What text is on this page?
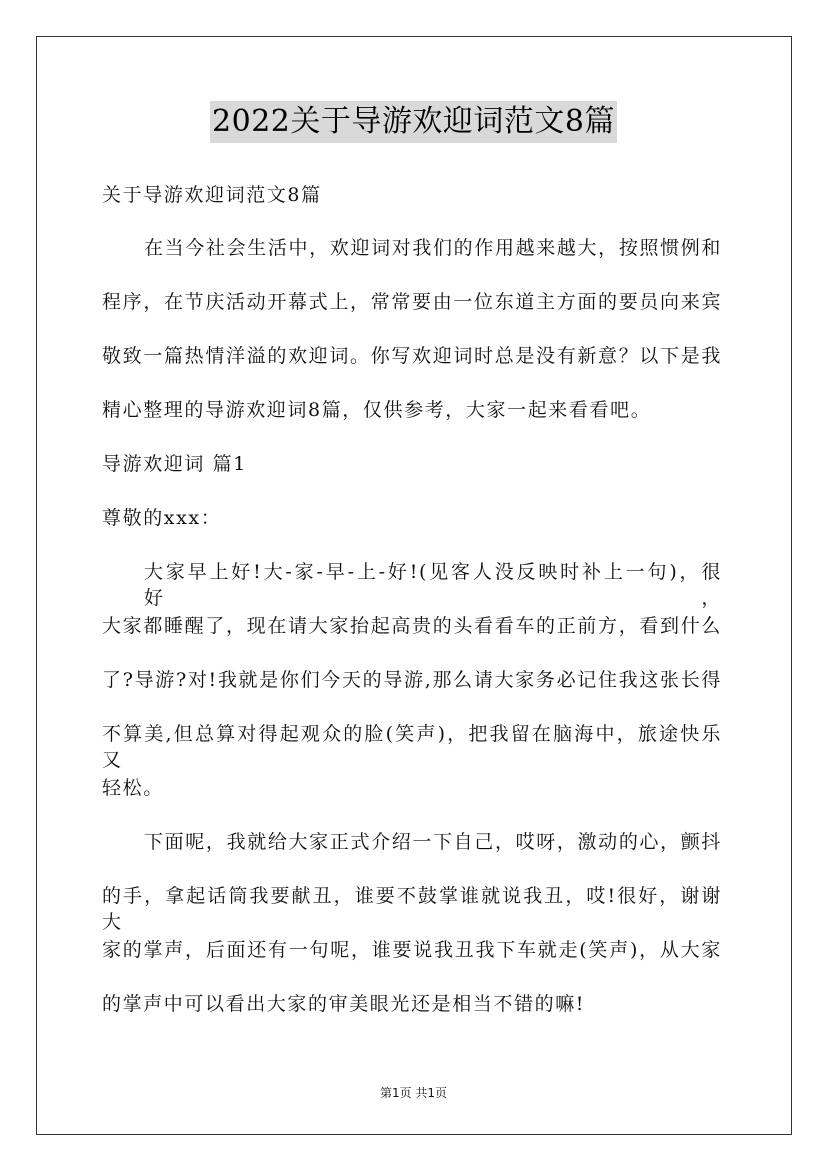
2022关于导游欢迎词范文8篇
关于导游欢迎词范文8篇
在当今社会生活中，欢迎词对我们的作用越来越大，按照惯例和
程序，在节庆活动开幕式上，常常要由一位东道主方面的要员向来宾
敬致一篇热情洋溢的欢迎词。你写欢迎词时总是没有新意？以下是我
精心整理的导游欢迎词8篇，仅供参考，大家一起来看看吧。
导游欢迎词 篇1
尊敬的xxx：
大家早上好!大-家-早-上-好!(见客人没反映时补上一句)，很好，
大家都睡醒了，现在请大家抬起高贵的头看看车的正前方，看到什么
了?导游?对!我就是你们今天的导游,那么请大家务必记住我这张长得
不算美,但总算对得起观众的脸(笑声)，把我留在脑海中，旅途快乐又
轻松。
下面呢，我就给大家正式介绍一下自己，哎呀，激动的心，颤抖
的手，拿起话筒我要献丑，谁要不鼓掌谁就说我丑，哎!很好，谢谢大
家的掌声，后面还有一句呢，谁要说我丑我下车就走(笑声)，从大家
的掌声中可以看出大家的审美眼光还是相当不错的嘛!
第1页 共1页
